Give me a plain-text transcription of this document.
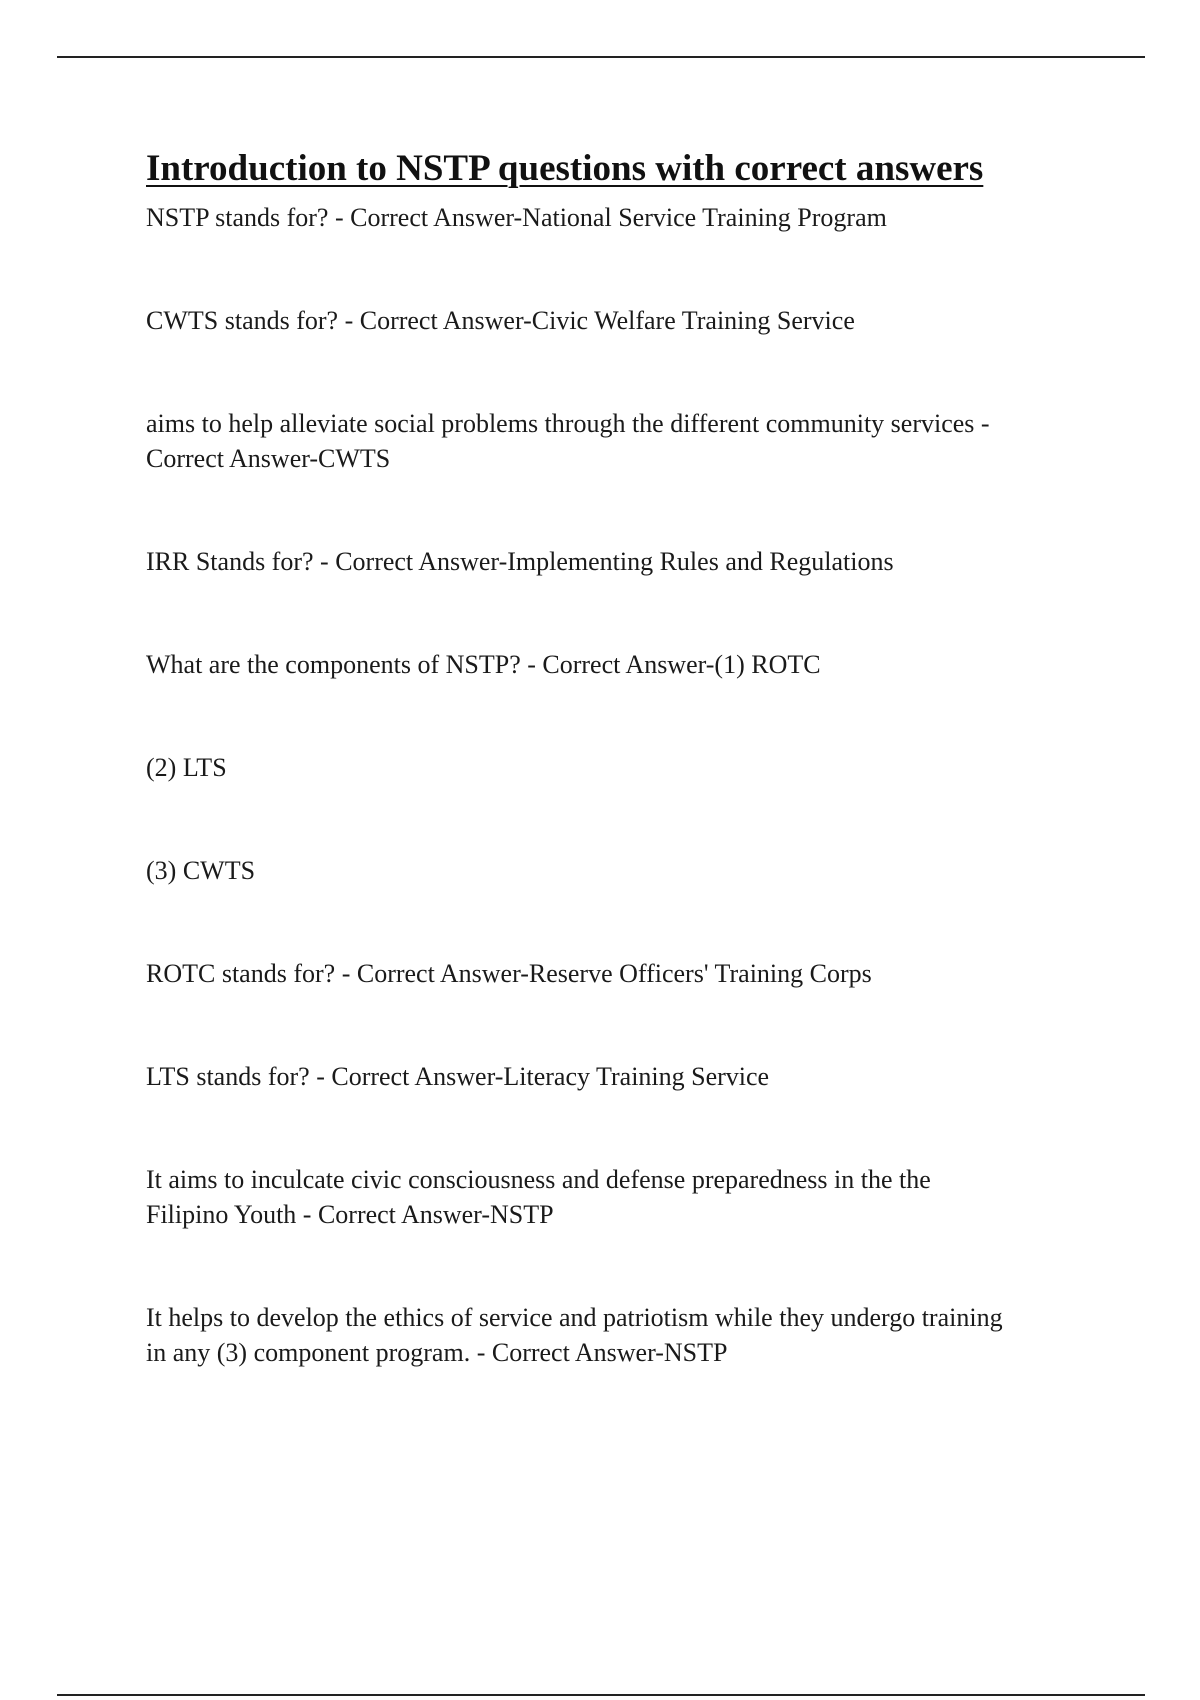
Introduction to NSTP questions with correct answers
NSTP stands for? - Correct Answer-National Service Training Program
CWTS stands for? - Correct Answer-Civic Welfare Training Service
aims to help alleviate social problems through the different community services -
Correct Answer-CWTS
IRR Stands for? - Correct Answer-Implementing Rules and Regulations
What are the components of NSTP? - Correct Answer-(1) ROTC
(2) LTS
(3) CWTS
ROTC stands for? - Correct Answer-Reserve Officers' Training Corps
LTS stands for? - Correct Answer-Literacy Training Service
It aims to inculcate civic consciousness and defense preparedness in the the
Filipino Youth - Correct Answer-NSTP
It helps to develop the ethics of service and patriotism while they undergo training
in any (3) component program. - Correct Answer-NSTP
